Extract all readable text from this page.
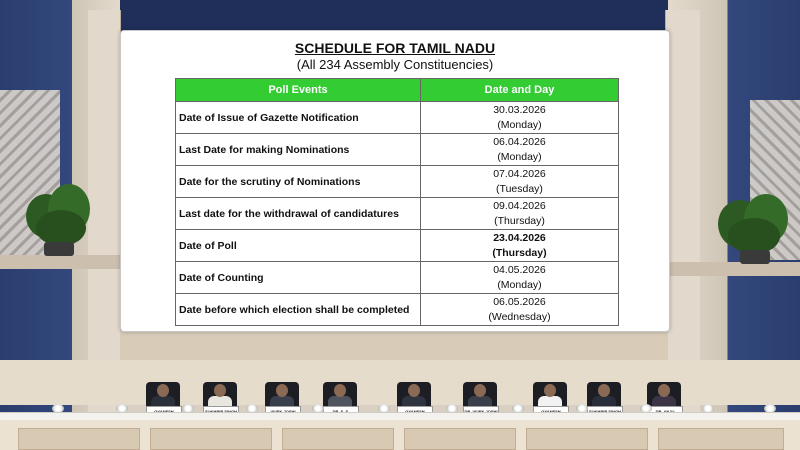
SCHEDULE FOR TAMIL NADU
(All 234 Assembly Constituencies)
Poll Events	Date and Day
Date of Issue of Gazette Notification	30.03.2026
(Monday)
Last Date for making Nominations	06.04.2026
(Monday)
Date for the scrutiny of Nominations	07.04.2026
(Tuesday)
Last date for the withdrawal of candidatures	09.04.2026
(Thursday)
Date of Poll	23.04.2026
(Thursday)
Date of Counting	04.05.2026
(Monday)
Date before which election shall be completed	06.05.2026
(Wednesday)
